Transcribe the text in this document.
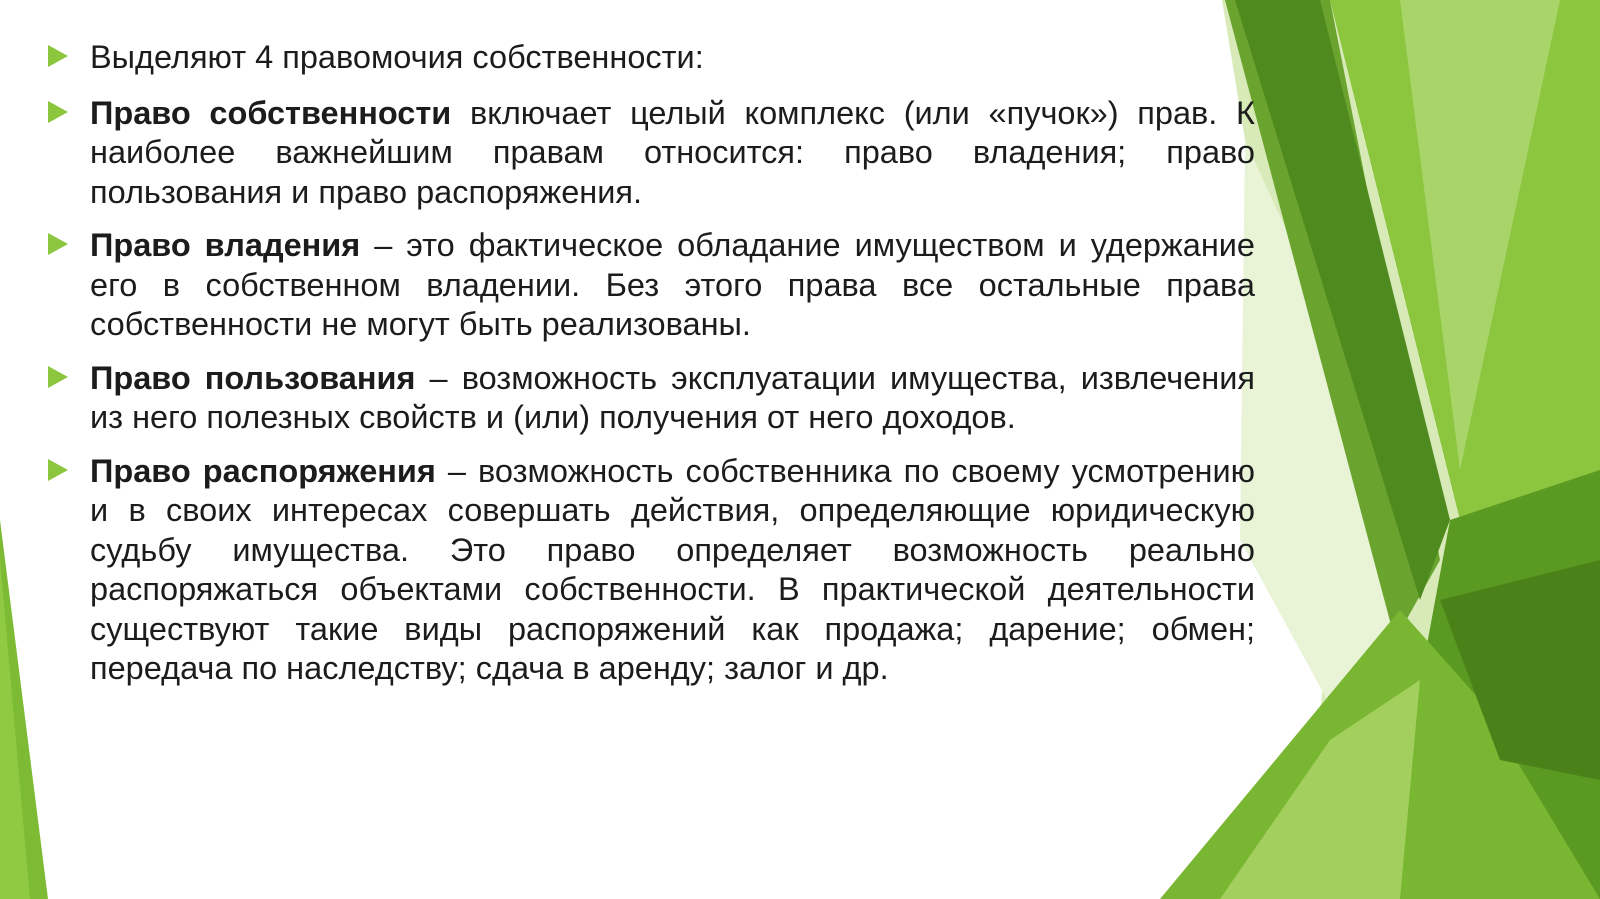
Выделяют 4 правомочия собственности:
Право собственности включает целый комплекс (или «пучок») прав. К наиболее важнейшим правам относится: право владения; право пользования и право распоряжения.
Право владения – это фактическое обладание имуществом и удержание его в собственном владении. Без этого права все остальные права собственности не могут быть реализованы.
Право пользования – возможность эксплуатации имущества, извлечения из него полезных свойств и (или) получения от него доходов.
Право распоряжения – возможность собственника по своему усмотрению и в своих интересах совершать действия, определяющие юридическую судьбу имущества. Это право определяет возможность реально распоряжаться объектами собственности. В практической деятельности существуют такие виды распоряжений как продажа; дарение; обмен; передача по наследству; сдача в аренду; залог и др.
